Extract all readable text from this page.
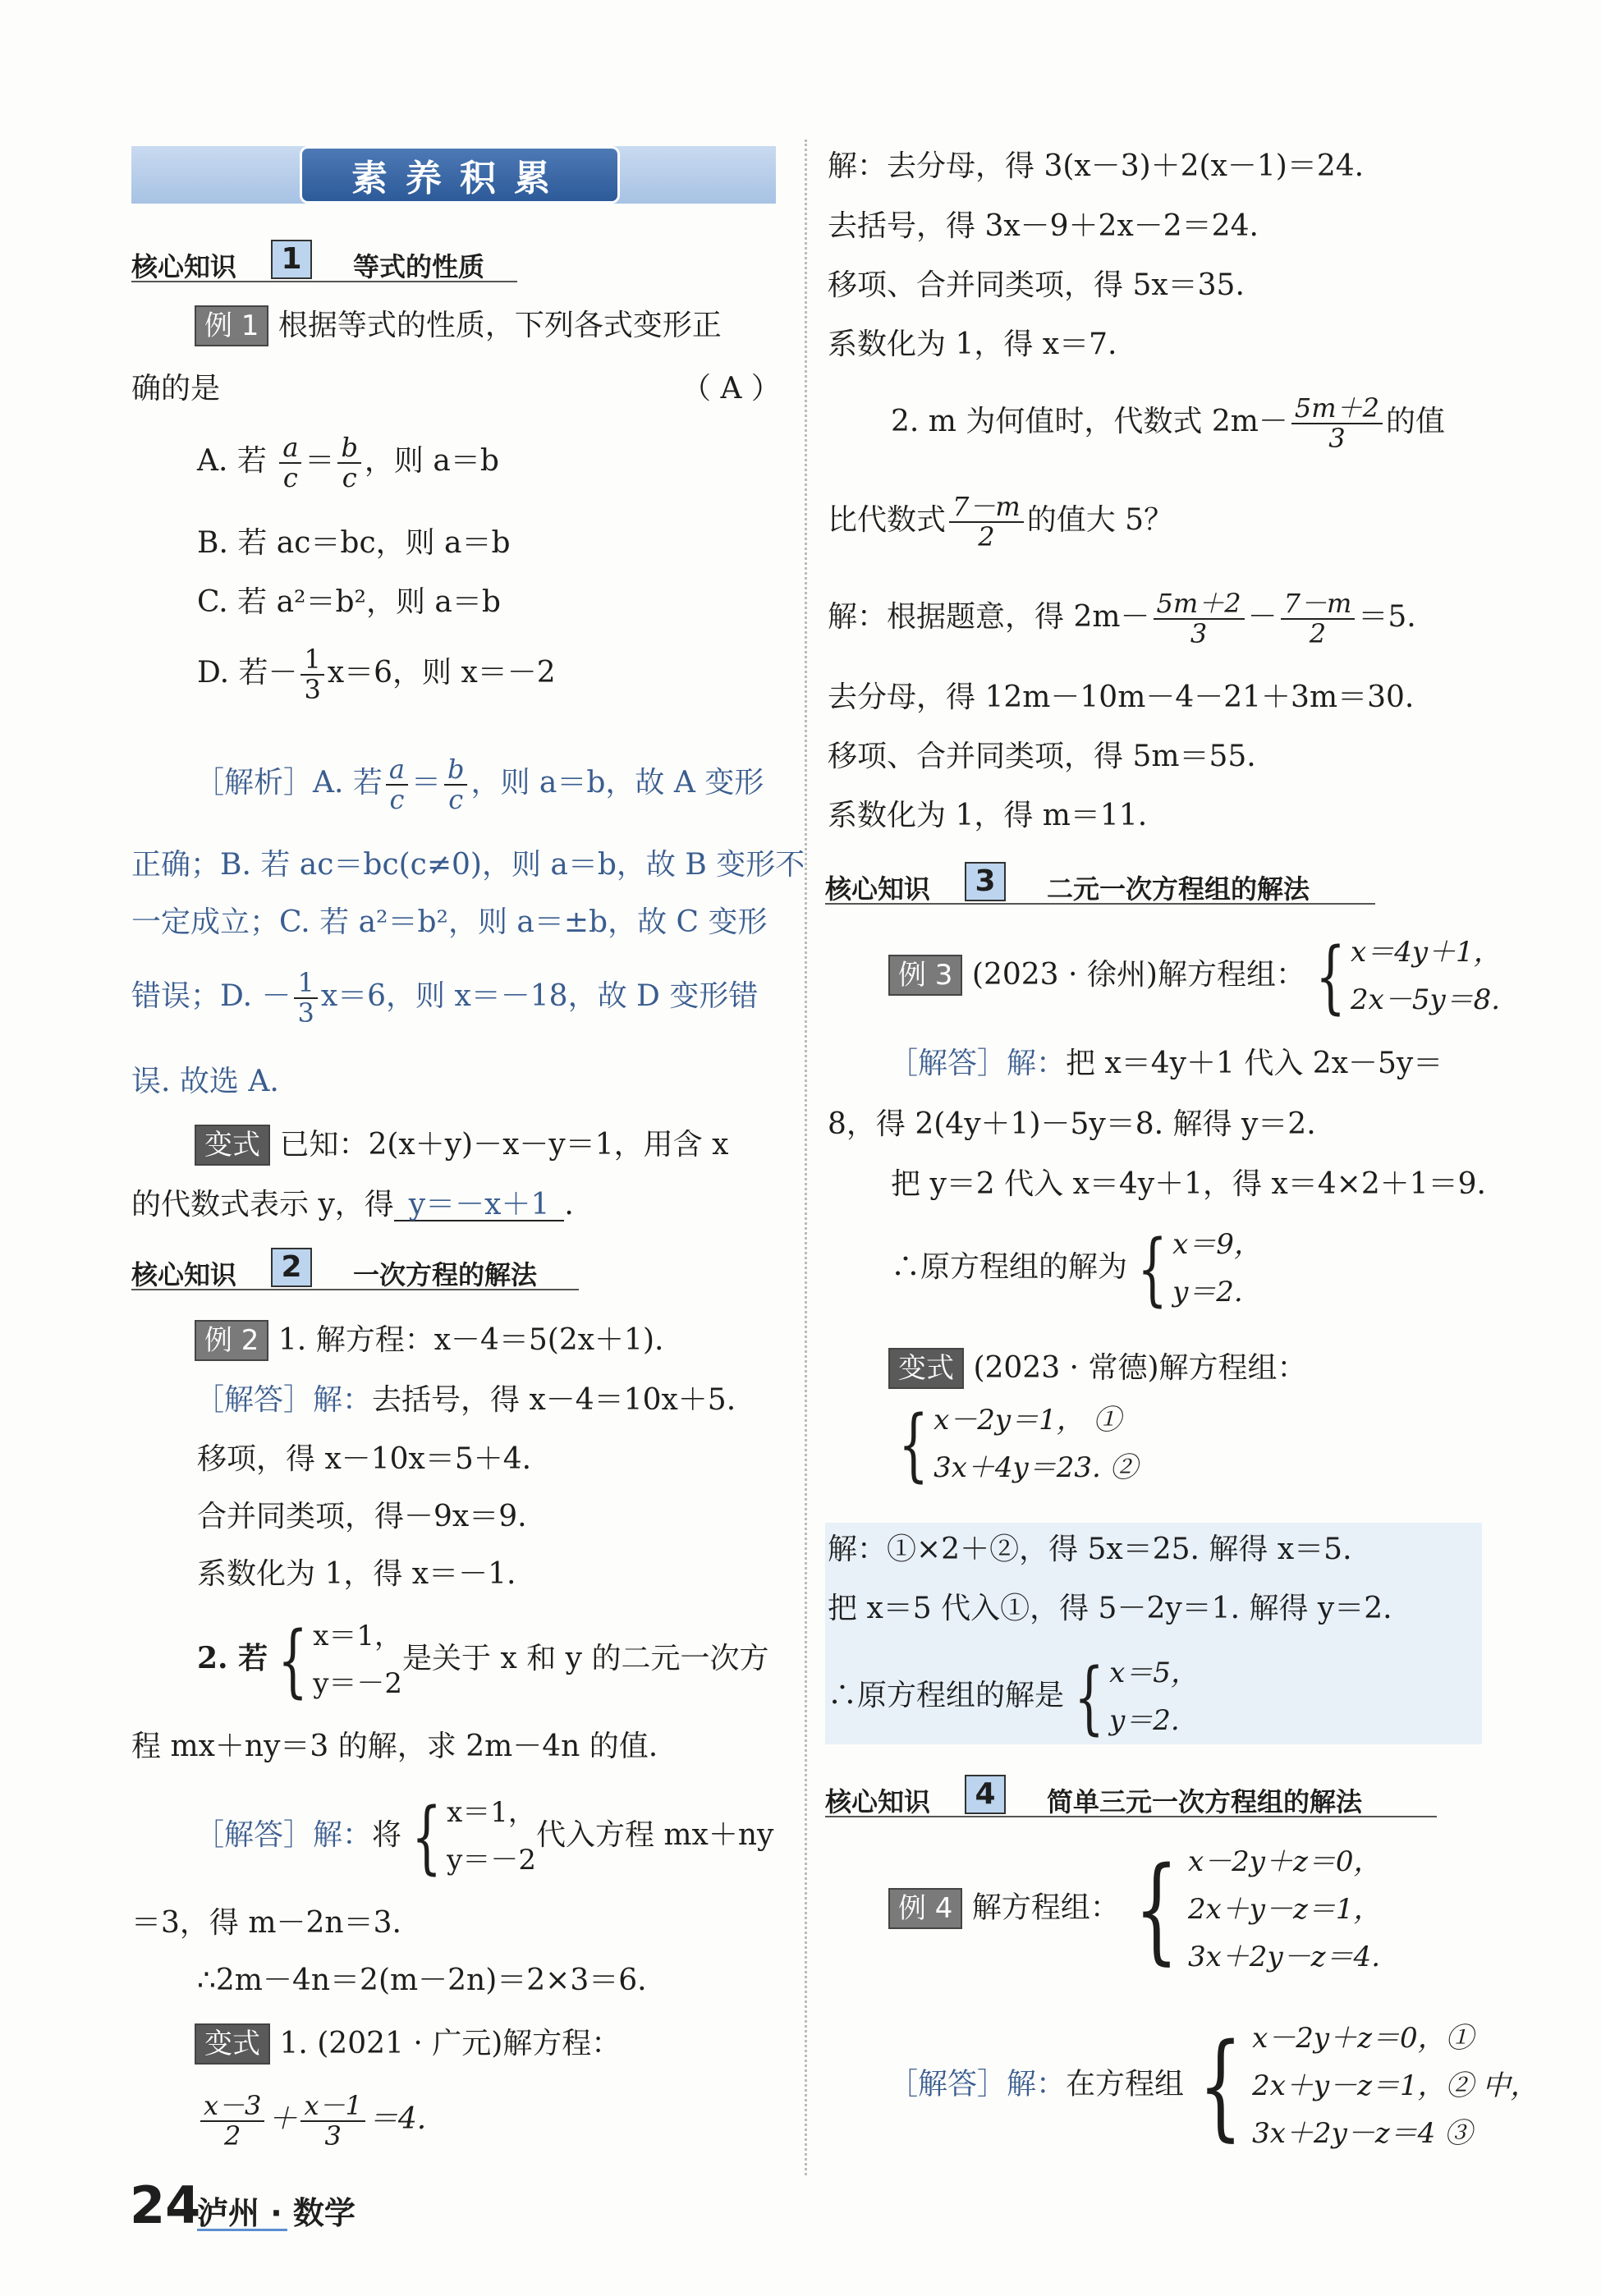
素养积累
核心知识	1	等式的性质
例 1 根据等式的性质，下列各式变形正
确的是	（ A ）
A. 若 $\frac{a}{c} = \frac{b}{c}$ ，则 a＝b
B. 若 ac＝bc，则 a＝b
C. 若 a²＝b²，则 a＝b
D. 若－ $\frac{1}{3} x=6$，则 x＝－2
［解析］A. 若 $\frac{a}{c} = \frac{b}{c}$ ，则 a＝b，故 A 变形
正确；B. 若 ac＝bc(c≠0)，则 a＝b，故 B 变形不
一定成立；C. 若 a²＝b²，则 a＝±b，故 C 变形
错误；D. － $\frac{1}{3} x=6$，则 x＝－18，故 D 变形错
误. 故选 A.
变式 已知：2(x＋y)－x－y＝1，用含 x
的代数式表示 y，得 y＝－x＋1 .
核心知识	2	一次方程的解法
例 2 1. 解方程：x－4＝5(2x＋1).
［解答］解：去括号，得 x－4＝10x＋5.
移项，得 x－10x＝5＋4.
合并同类项，得－9x＝9.
系数化为 1，得 x＝－1.
2. 若 { x＝1，
y＝－2
是关于 x 和 y 的二元一次方
程 mx＋ny＝3 的解，求 2m－4n 的值.
［解答］解：将 { x＝1，
y＝－2
代入方程 mx＋ny
＝3，得 m－2n＝3.
∴2m－4n＝2(m－2n)＝2×3＝6.
变式 1. (2021 · 广元)解方程：
$\frac{x-3}{2} + \frac{x-1}{3} =4$.
解：去分母，得 3(x－3)＋2(x－1)＝24.
去括号，得 3x－9＋2x－2＝24.
移项、合并同类项，得 5x＝35.
系数化为 1，得 x＝7.
2. m 为何值时，代数式 $2m- \frac{5m+2}{3}$ 的值
比代数式 $\frac{7-m}{2}$ 的值大 5？
解：根据题意，得 $2m- \frac{5m+2}{3} - \frac{7-m}{2} =5$.
去分母，得 12m－10m－4－21＋3m＝30.
移项、合并同类项，得 5m＝55.
系数化为 1，得 m＝11.
核心知识	3	二元一次方程组的解法
例 3 (2023 · 徐州)解方程组： { x＝4y＋1，
2x－5y＝8.
［解答］解：把 x＝4y＋1 代入 2x－5y＝
8，得 2(4y＋1)－5y＝8. 解得 y＝2.
把 y＝2 代入 x＝4y＋1，得 x＝4×2＋1＝9.
∴原方程组的解为 { x＝9，
y＝2.
变式 (2023 · 常德)解方程组：
{ x－2y＝1， ①
3x＋4y＝23. ②
解：①×2＋②，得 5x＝25. 解得 x＝5.
把 x＝5 代入①，得 5－2y＝1. 解得 y＝2.
∴原方程组的解是 { x＝5，
y＝2.
核心知识	4	简单三元一次方程组的解法
例 4 解方程组： { x－2y＋z＝0，
2x＋y－z＝1，
3x＋2y－z＝4.
［解答］解：在方程组 { x－2y＋z＝0，①
2x＋y－z＝1，② 中，
3x＋2y－z＝4 ③
24
泸州 · 数学
